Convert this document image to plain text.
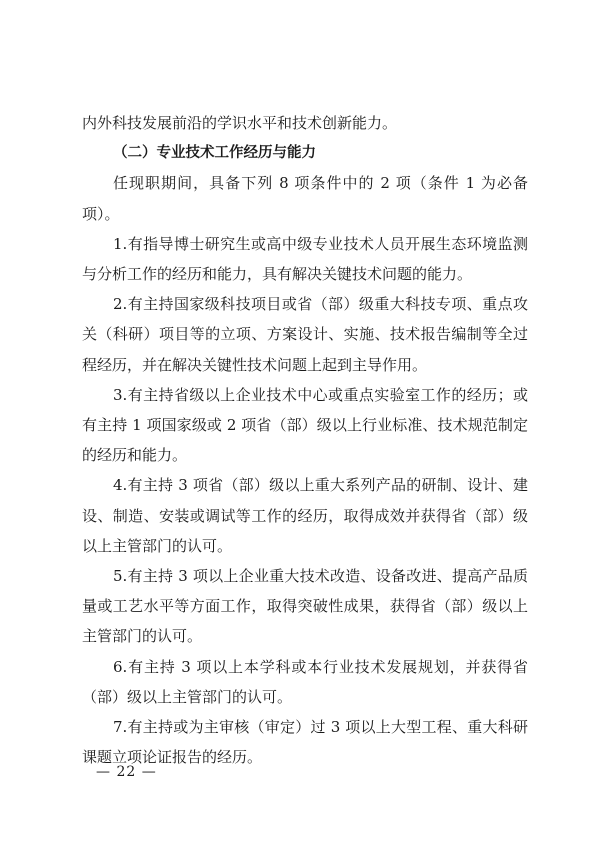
内外科技发展前沿的学识水平和技术创新能力。

（二）专业技术工作经历与能力

任现职期间，具备下列 8 项条件中的 2 项（条件 1 为必备项）。

1.有指导博士研究生或高中级专业技术人员开展生态环境监测与分析工作的经历和能力，具有解决关键技术问题的能力。

2.有主持国家级科技项目或省（部）级重大科技专项、重点攻关（科研）项目等的立项、方案设计、实施、技术报告编制等全过程经历，并在解决关键性技术问题上起到主导作用。

3.有主持省级以上企业技术中心或重点实验室工作的经历；或有主持 1 项国家级或 2 项省（部）级以上行业标准、技术规范制定的经历和能力。

4.有主持 3 项省（部）级以上重大系列产品的研制、设计、建设、制造、安装或调试等工作的经历，取得成效并获得省（部）级以上主管部门的认可。

5.有主持 3 项以上企业重大技术改造、设备改进、提高产品质量或工艺水平等方面工作，取得突破性成果，获得省（部）级以上主管部门的认可。

6.有主持 3 项以上本学科或本行业技术发展规划，并获得省（部）级以上主管部门的认可。

7.有主持或为主审核（审定）过 3 项以上大型工程、重大科研课题立项论证报告的经历。

— 22 —
